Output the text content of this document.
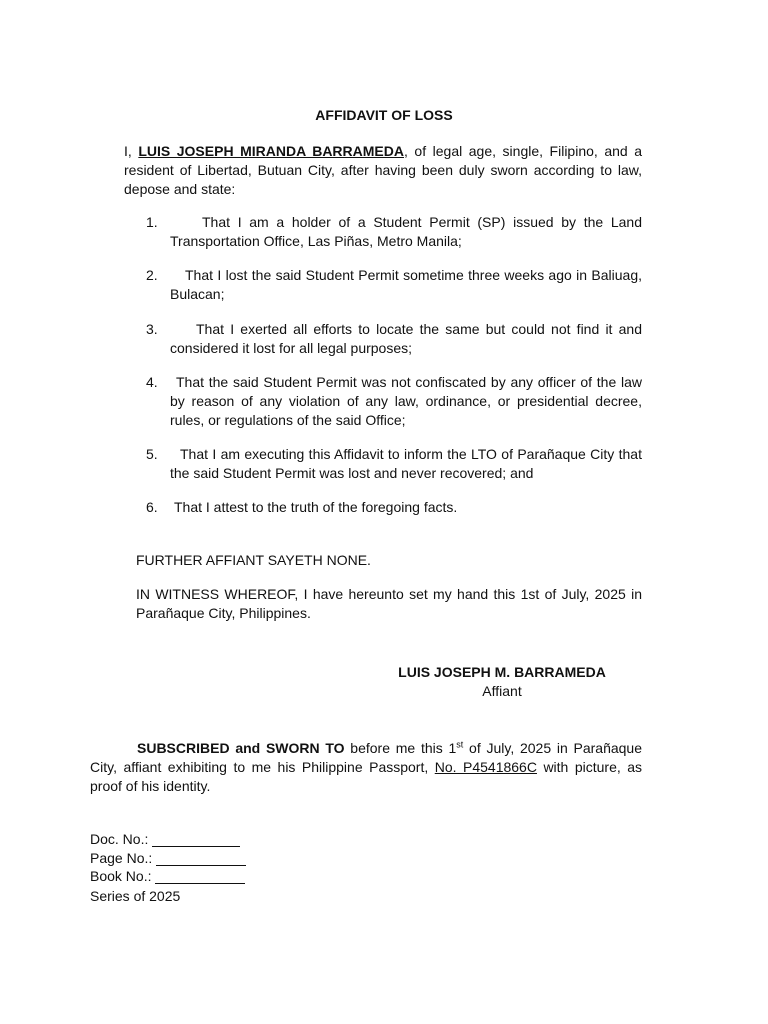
AFFIDAVIT OF LOSS
I, LUIS JOSEPH MIRANDA BARRAMEDA, of legal age, single, Filipino, and a resident of Libertad, Butuan City, after having been duly sworn according to law, depose and state:
1.	That I am a holder of a Student Permit (SP) issued by the Land Transportation Office, Las Piñas, Metro Manila;
2.	That I lost the said Student Permit sometime three weeks ago in Baliuag, Bulacan;
3.	That I exerted all efforts to locate the same but could not find it and considered it lost for all legal purposes;
4.	That the said Student Permit was not confiscated by any officer of the law by reason of any violation of any law, ordinance, or presidential decree, rules, or regulations of the said Office;
5.	That I am executing this Affidavit to inform the LTO of Parañaque City that the said Student Permit was lost and never recovered; and
6. That I attest to the truth of the foregoing facts.
FURTHER AFFIANT SAYETH NONE.
IN WITNESS WHEREOF, I have hereunto set my hand this 1st of July, 2025 in Parañaque City, Philippines.
LUIS JOSEPH M. BARRAMEDA
Affiant
SUBSCRIBED and SWORN TO before me this 1st of July, 2025 in Parañaque City, affiant exhibiting to me his Philippine Passport, No. P4541866C with picture, as proof of his identity.
Doc. No.:
Page No.:
Book No.:
Series of 2025
